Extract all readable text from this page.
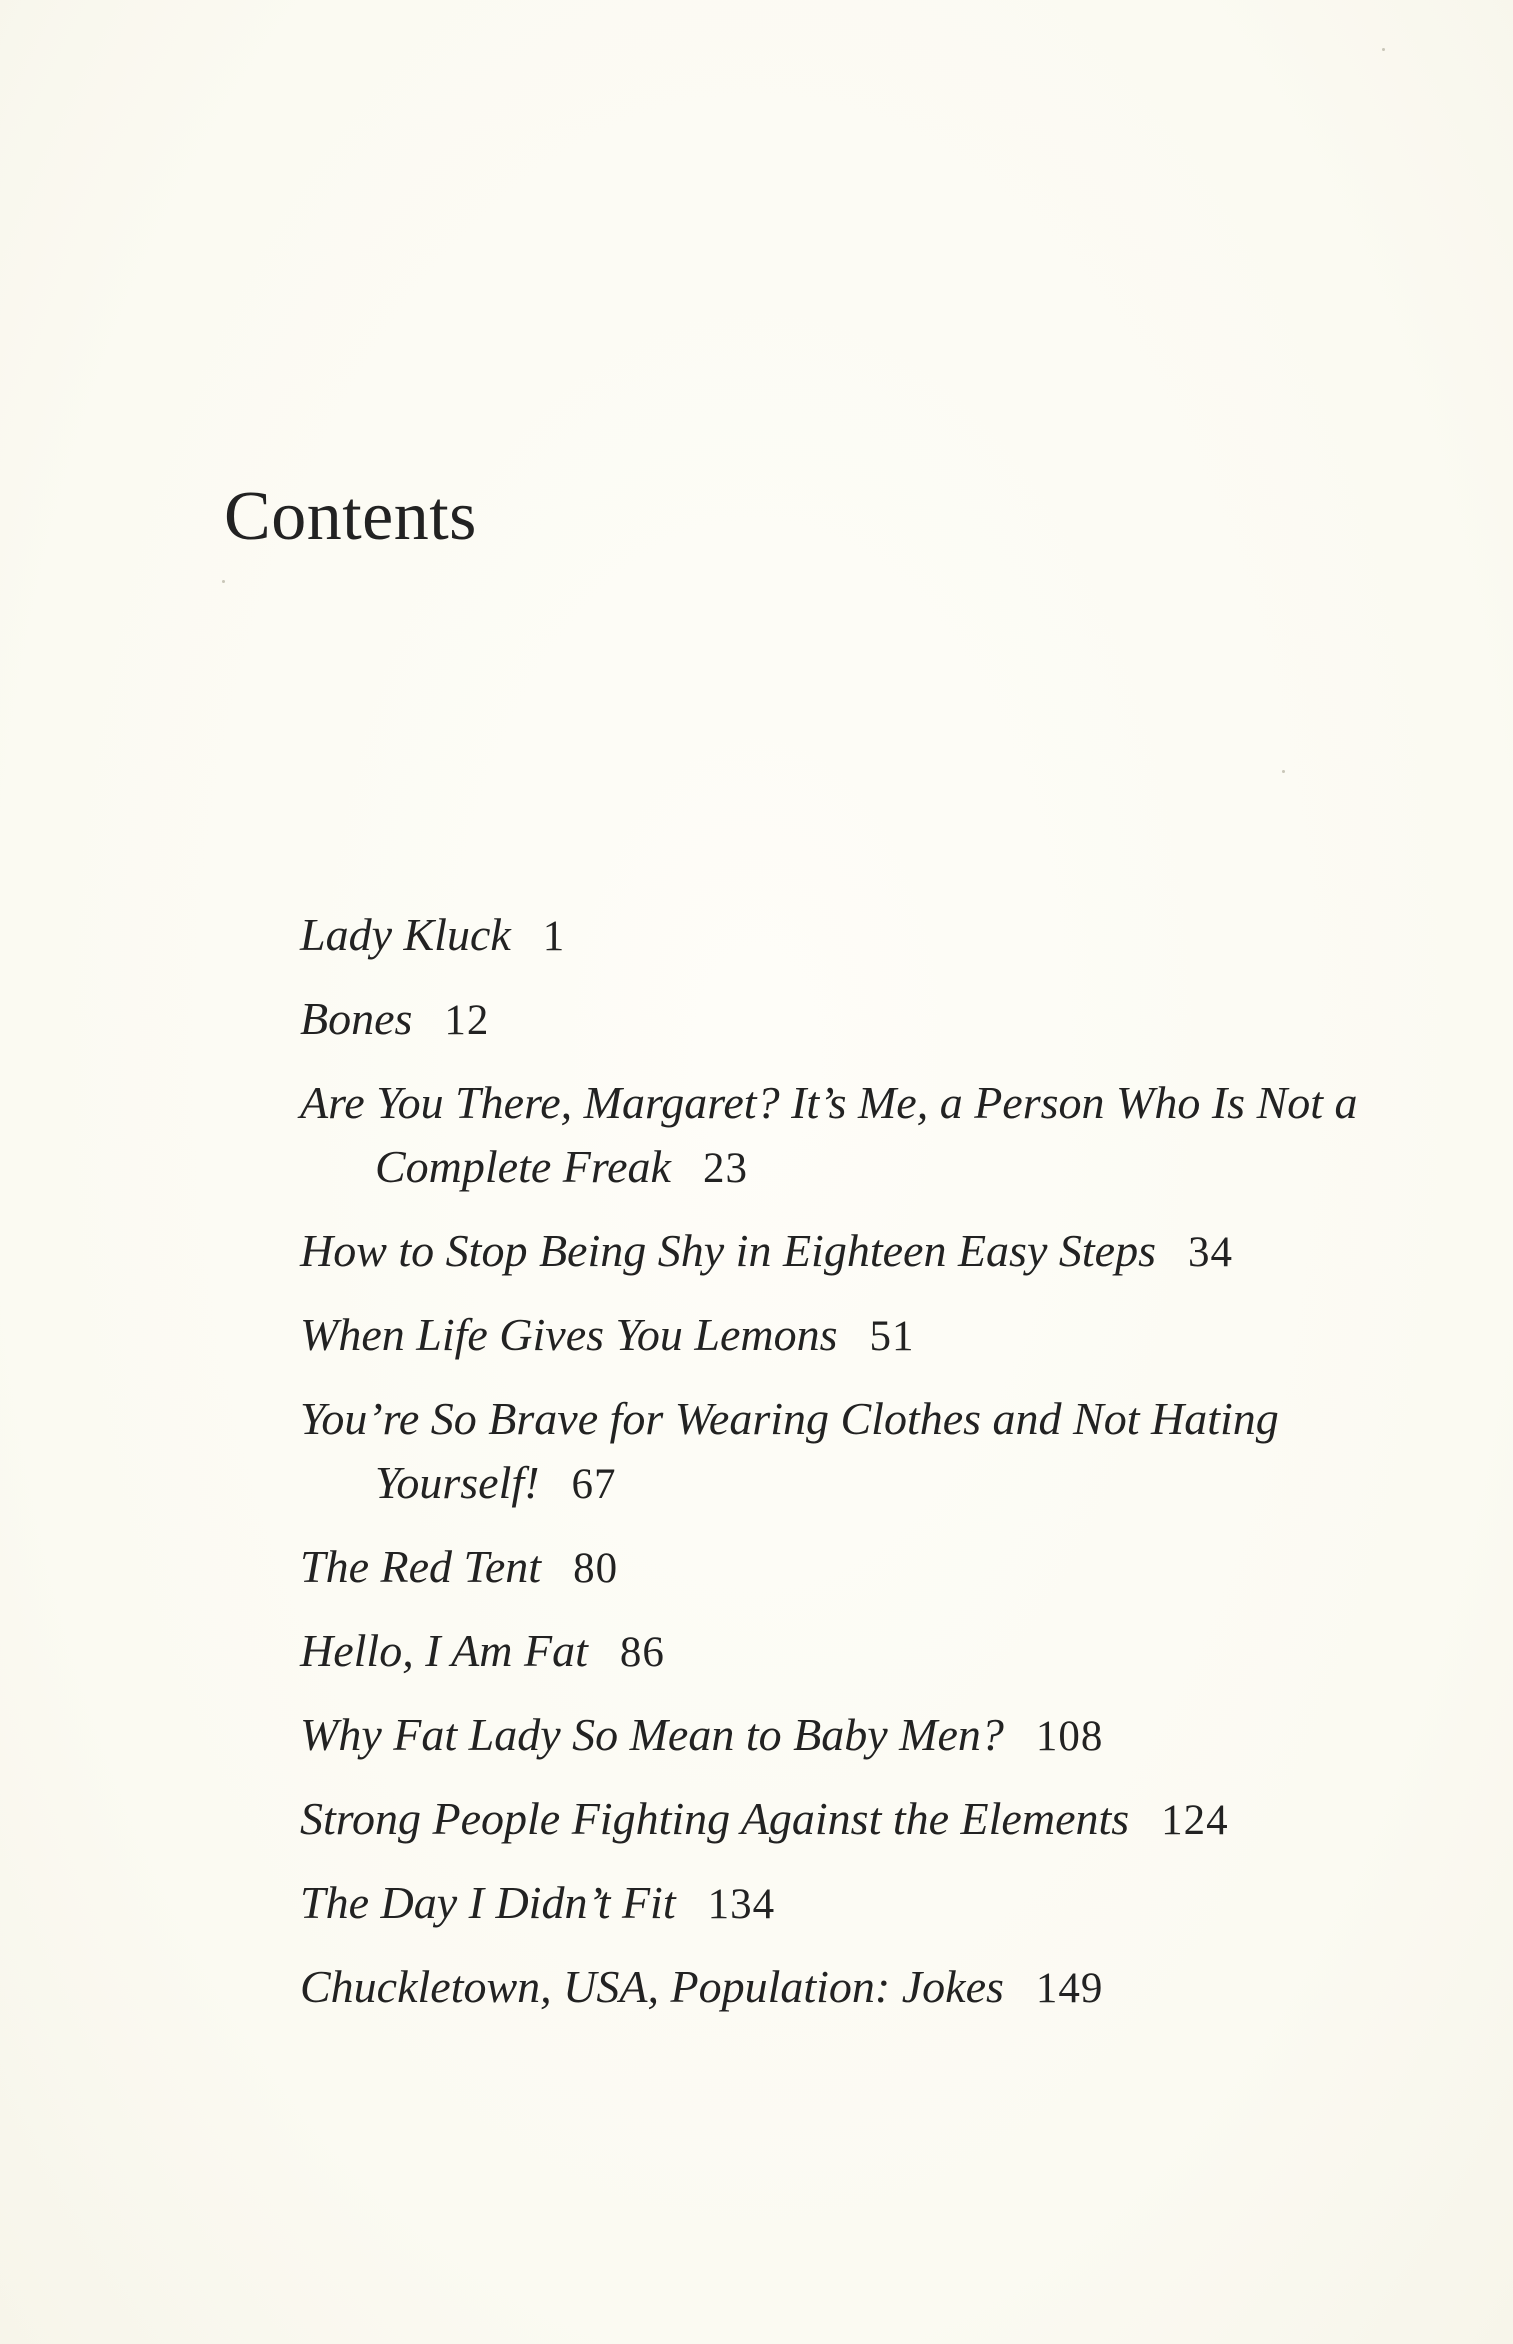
Contents
Lady Kluck 1
Bones 12
Are You There, Margaret? It’s Me, a Person Who Is Not a Complete Freak 23
How to Stop Being Shy in Eighteen Easy Steps 34
When Life Gives You Lemons 51
You’re So Brave for Wearing Clothes and Not Hating Yourself! 67
The Red Tent 80
Hello, I Am Fat 86
Why Fat Lady So Mean to Baby Men? 108
Strong People Fighting Against the Elements 124
The Day I Didn’t Fit 134
Chuckletown, USA, Population: Jokes 149
